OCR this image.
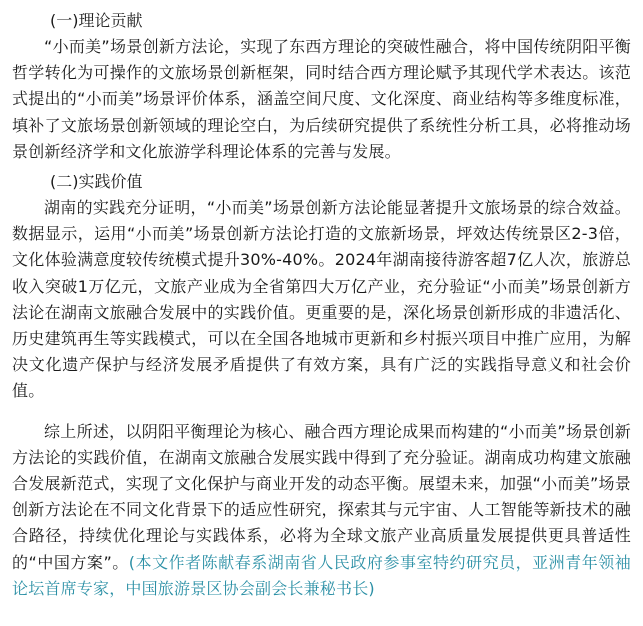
(一)理论贡献

“小而美”场景创新方法论，实现了东西方理论的突破性融合，将中国传统阴阳平衡哲学转化为可操作的文旅场景创新框架，同时结合西方理论赋予其现代学术表达。该范式提出的“小而美”场景评价体系，涵盖空间尺度、文化深度、商业结构等多维度标准，填补了文旅场景创新领域的理论空白，为后续研究提供了系统性分析工具，必将推动场景创新经济学和文化旅游学科理论体系的完善与发展。

(二)实践价值

湖南的实践充分证明，“小而美”场景创新方法论能显著提升文旅场景的综合效益。数据显示，运用“小而美”场景创新方法论打造的文旅新场景，坪效达传统景区2-3倍，文化体验满意度较传统模式提升30%-40%。2024年湖南接待游客超7亿人次，旅游总收入突破1万亿元，文旅产业成为全省第四大万亿产业，充分验证“小而美”场景创新方法论在湖南文旅融合发展中的实践价值。更重要的是，深化场景创新形成的非遗活化、历史建筑再生等实践模式，可以在全国各地城市更新和乡村振兴项目中推广应用，为解决文化遗产保护与经济发展矛盾提供了有效方案，具有广泛的实践指导意义和社会价值。

综上所述，以阴阳平衡理论为核心、融合西方理论成果而构建的“小而美”场景创新方法论的实践价值，在湖南文旅融合发展实践中得到了充分验证。湖南成功构建文旅融合发展新范式，实现了文化保护与商业开发的动态平衡。展望未来，加强“小而美”场景创新方法论在不同文化背景下的适应性研究，探索其与元宇宙、人工智能等新技术的融合路径，持续优化理论与实践体系，必将为全球文旅产业高质量发展提供更具普适性的“中国方案”。(本文作者陈献春系湖南省人民政府参事室特约研究员，亚洲青年领袖论坛首席专家，中国旅游景区协会副会长兼秘书长)
